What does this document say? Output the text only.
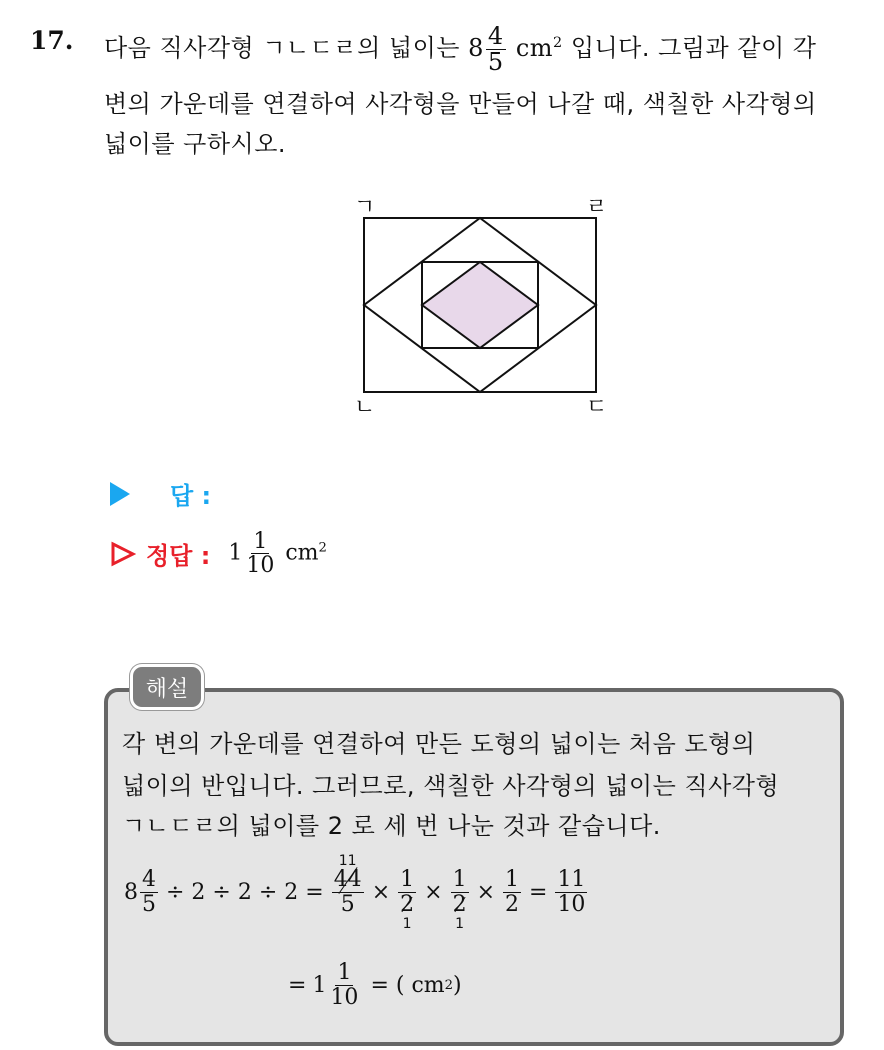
17. 다음 직사각형 ㄱㄴㄷㄹ의 넓이는 $8 \frac{4}{5} cm^2$ 입니다. 그림과 같이 각
변의 가운데를 연결하여 사각형을 만들어 나갈 때, 색칠한 사각형의
넓이를 구하시오.
ㄱ	ㄹ
ㄴ	ㄷ
답 :
정답 : $1 \frac{1}{10} cm^2$
해설
각 변의 가운데를 연결하여 만든 도형의 넓이는 처음 도형의
넓이의 반입니다. 그러므로, 색칠한 사각형의 넓이는 직사각형
ㄱㄴㄷㄹ의 넓이를 2 로 세 번 나눈 것과 같습니다.
$8 \frac{4}{5} \div 2 \div 2 \div 2$ =
11
44
5 × 1
2
1
× 1
2
1
× $\frac{1}{2} = \frac{11}{10}$
= $1 \frac{1}{10}$ = ( cm 2 )
